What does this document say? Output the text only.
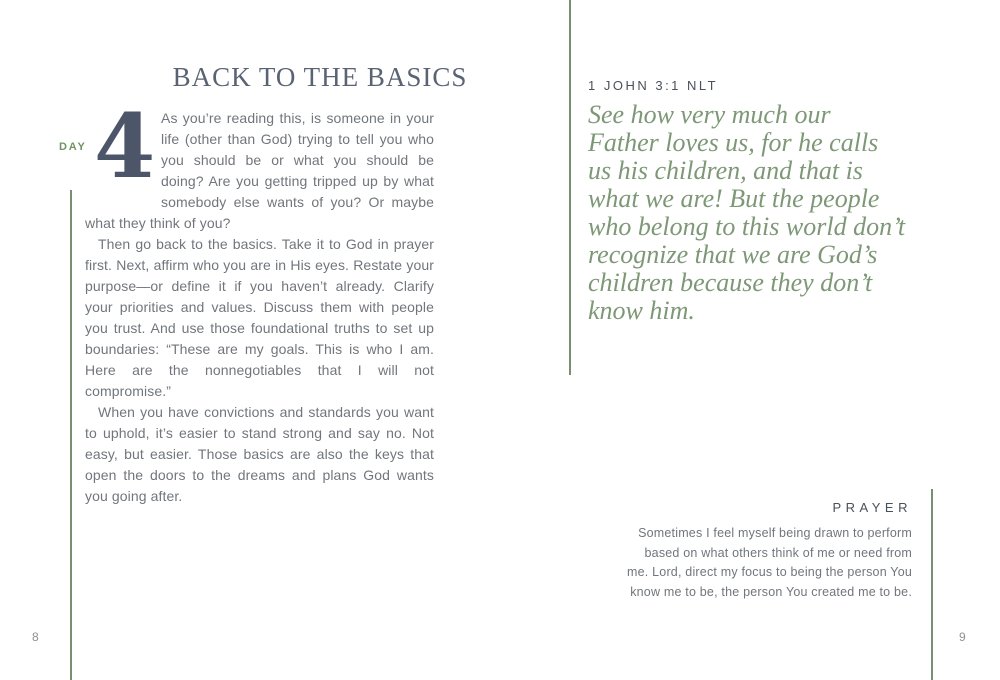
BACK TO THE BASICS
DAY 4 As you’re reading this, is someone in your life (other than God) trying to tell you who you should be or what you should be doing? Are you getting tripped up by what somebody else wants of you? Or maybe what they think of you?

Then go back to the basics. Take it to God in prayer first. Next, affirm who you are in His eyes. Restate your purpose—or define it if you haven’t already. Clarify your priorities and values. Discuss them with people you trust. And use those foundational truths to set up boundaries: “These are my goals. This is who I am. Here are the nonnegotiables that I will not compromise.”

When you have convictions and standards you want to uphold, it’s easier to stand strong and say no. Not easy, but easier. Those basics are also the keys that open the doors to the dreams and plans God wants you going after.

8
1 JOHN 3:1 NLT
See how very much our
Father loves us, for he calls
us his children, and that is
what we are! But the people
who belong to this world don’t
recognize that we are God’s
children because they don’t
know him.
PRAYER
Sometimes I feel myself being drawn to perform
based on what others think of me or need from
me. Lord, direct my focus to being the person You
know me to be, the person You created me to be.
9
